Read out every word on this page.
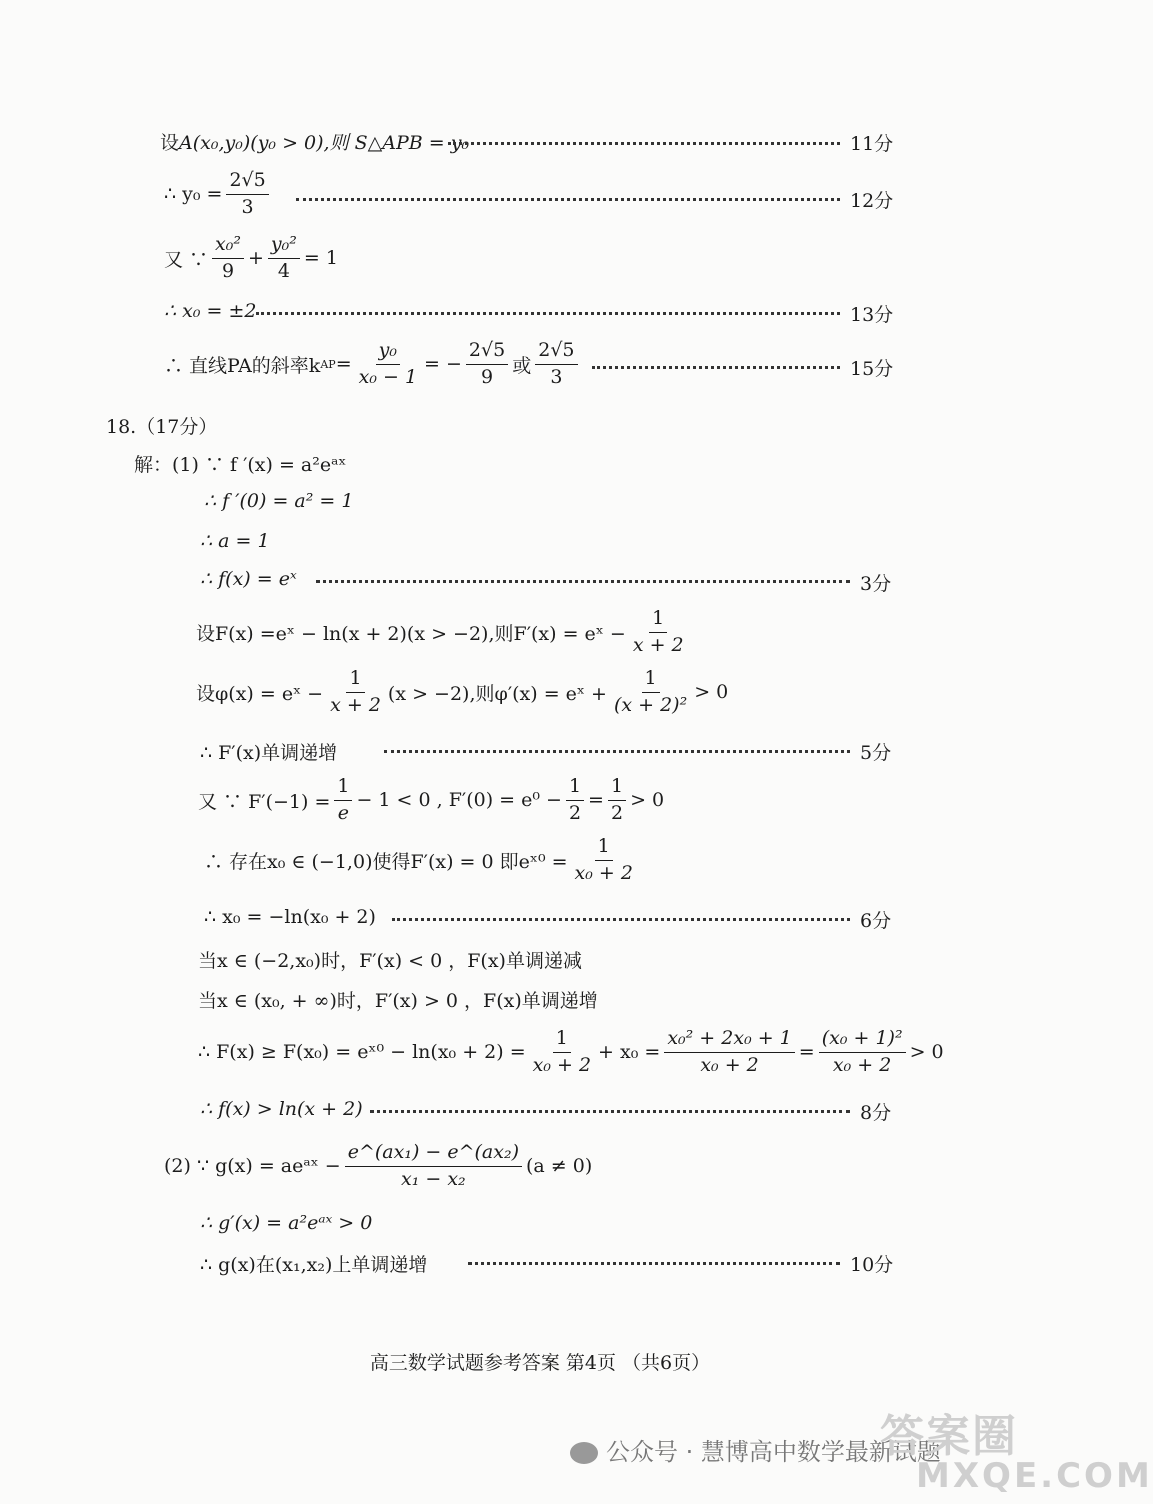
设 A(x₀,y₀)(y₀ > 0),则 S△APB = y₀	11分
∴ $y_0 = \frac{2√5}{3}$	12分
又 ∵ $\frac{\text{x₀²}}{9} + \frac{\text{y₀²}}{4} = 1$
∴ x₀ = ±2	13分
∴ 直线PA的斜率k AP = $\frac{\text{y₀}}{\text{x₀ − 1}}$ = − $\frac{2√5}{9}$ 或 $\frac{2√5}{3}$	15分
18.（17分）
解：(1) ∵ f ′(x) = a²eᵃˣ
∴ f ′(0) = a² = 1
∴ a = 1
∴ f(x) = eˣ	3分
设F(x) =eˣ − ln(x + 2)(x > −2),则F′(x) = eˣ − $\frac{1}{x + 2}$
设φ(x) = eˣ − $\frac{1}{x + 2} (x > -2)$,则φ′(x) = eˣ + $\frac{1}{\text{(x + 2)²}} > 0$
∴ F′(x)单调递增	5分
又 ∵ $F'(-1) = \frac{1}{e} - 1 < 0$ , $F'(0) = e^0 - \frac{1}{2} = \frac{1}{2} > 0$
∴ 存在x₀ ∈ (−1,0)使得F′(x) = 0 即eˣ⁰ = $\frac{1}{\text{x₀ + 2}}$
∴ x₀ = −ln(x₀ + 2)	6分
当x ∈ (−2,x₀)时，F′(x) < 0 ，F(x)单调递减
当x ∈ (x₀, + ∞)时，F′(x) > 0 ，F(x)单调递增
∴ F(x) ≥ F(x₀) = eˣ⁰ − $\ln(x_0 + 2) = \frac{1}{\text{x₀ + 2}} + x_0 = \frac{\text{x₀² + 2x₀ + 1}}{\text{x₀ + 2}} = \frac{\text{(x₀ + 1)²}}{\text{x₀ + 2}} > 0$
∴ f(x) > ln(x + 2)	8分
(2) ∵ g(x) = aeᵃˣ − $\frac{\text{e\textasciicircum{}(ax₁) − e\textasciicircum{}(ax₂)}}{\text{x₁ − x₂}} (a \ne 0)$
∴ g′(x) = a²eᵃˣ > 0
∴ g(x)在(x₁,x₂)上单调递增	10分
高三数学试题参考答案 第4页 （共6页）
公众号 · 慧博高中数学最新试题
答案圈
MXQE.COM
